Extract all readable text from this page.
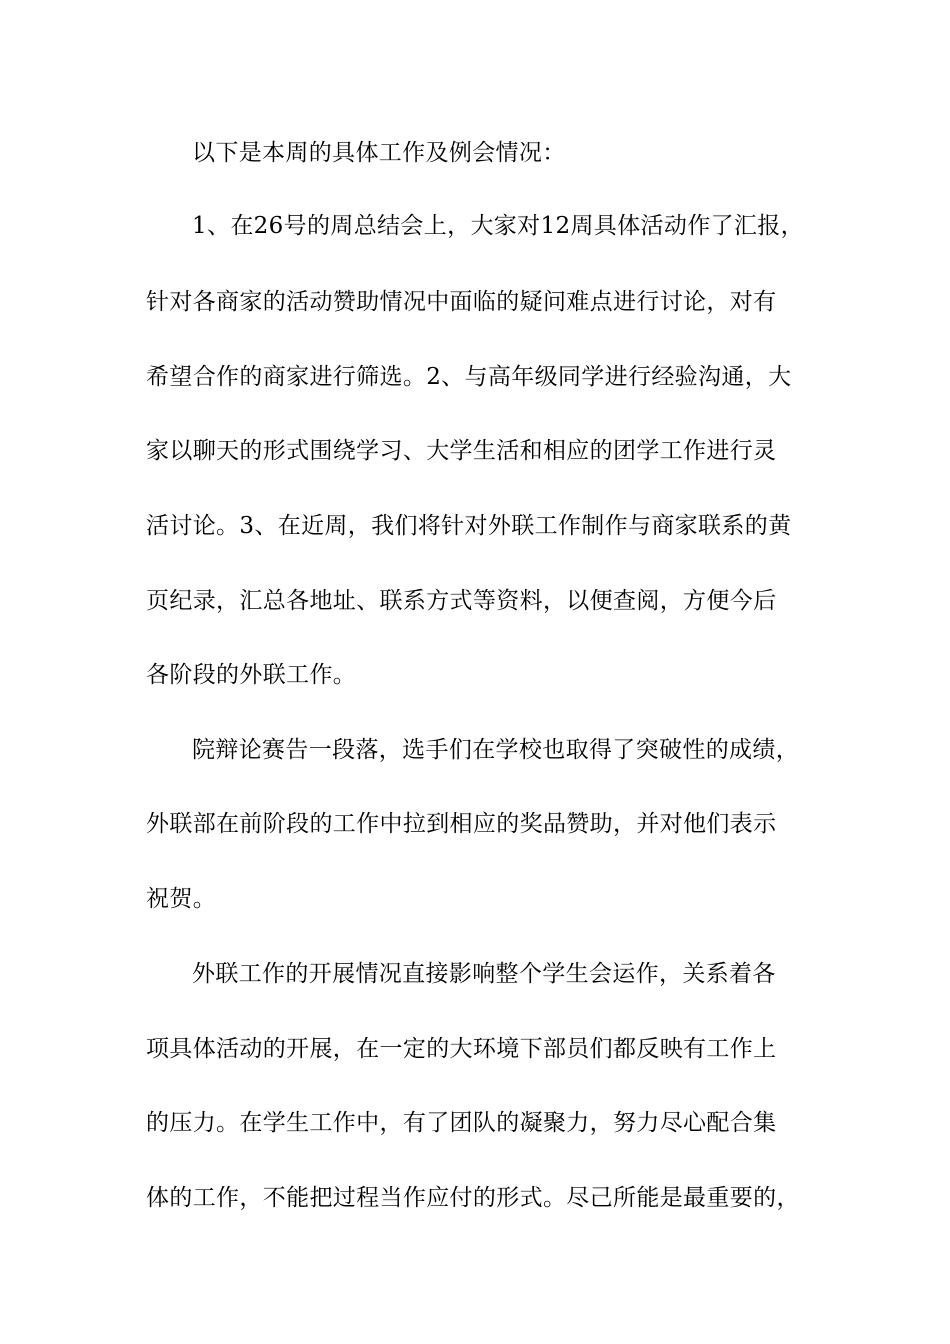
以下是本周的具体工作及例会情况：
1、在26号的周总结会上，大家对12周具体活动作了汇报，
针对各商家的活动赞助情况中面临的疑问难点进行讨论，对有
希望合作的商家进行筛选。2、与高年级同学进行经验沟通，大
家以聊天的形式围绕学习、大学生活和相应的团学工作进行灵
活讨论。3、在近周，我们将针对外联工作制作与商家联系的黄
页纪录，汇总各地址、联系方式等资料，以便查阅，方便今后
各阶段的外联工作。
院辩论赛告一段落，选手们在学校也取得了突破性的成绩，
外联部在前阶段的工作中拉到相应的奖品赞助，并对他们表示
祝贺。
外联工作的开展情况直接影响整个学生会运作，关系着各
项具体活动的开展，在一定的大环境下部员们都反映有工作上
的压力。在学生工作中，有了团队的凝聚力，努力尽心配合集
体的工作，不能把过程当作应付的形式。尽己所能是最重要的，
